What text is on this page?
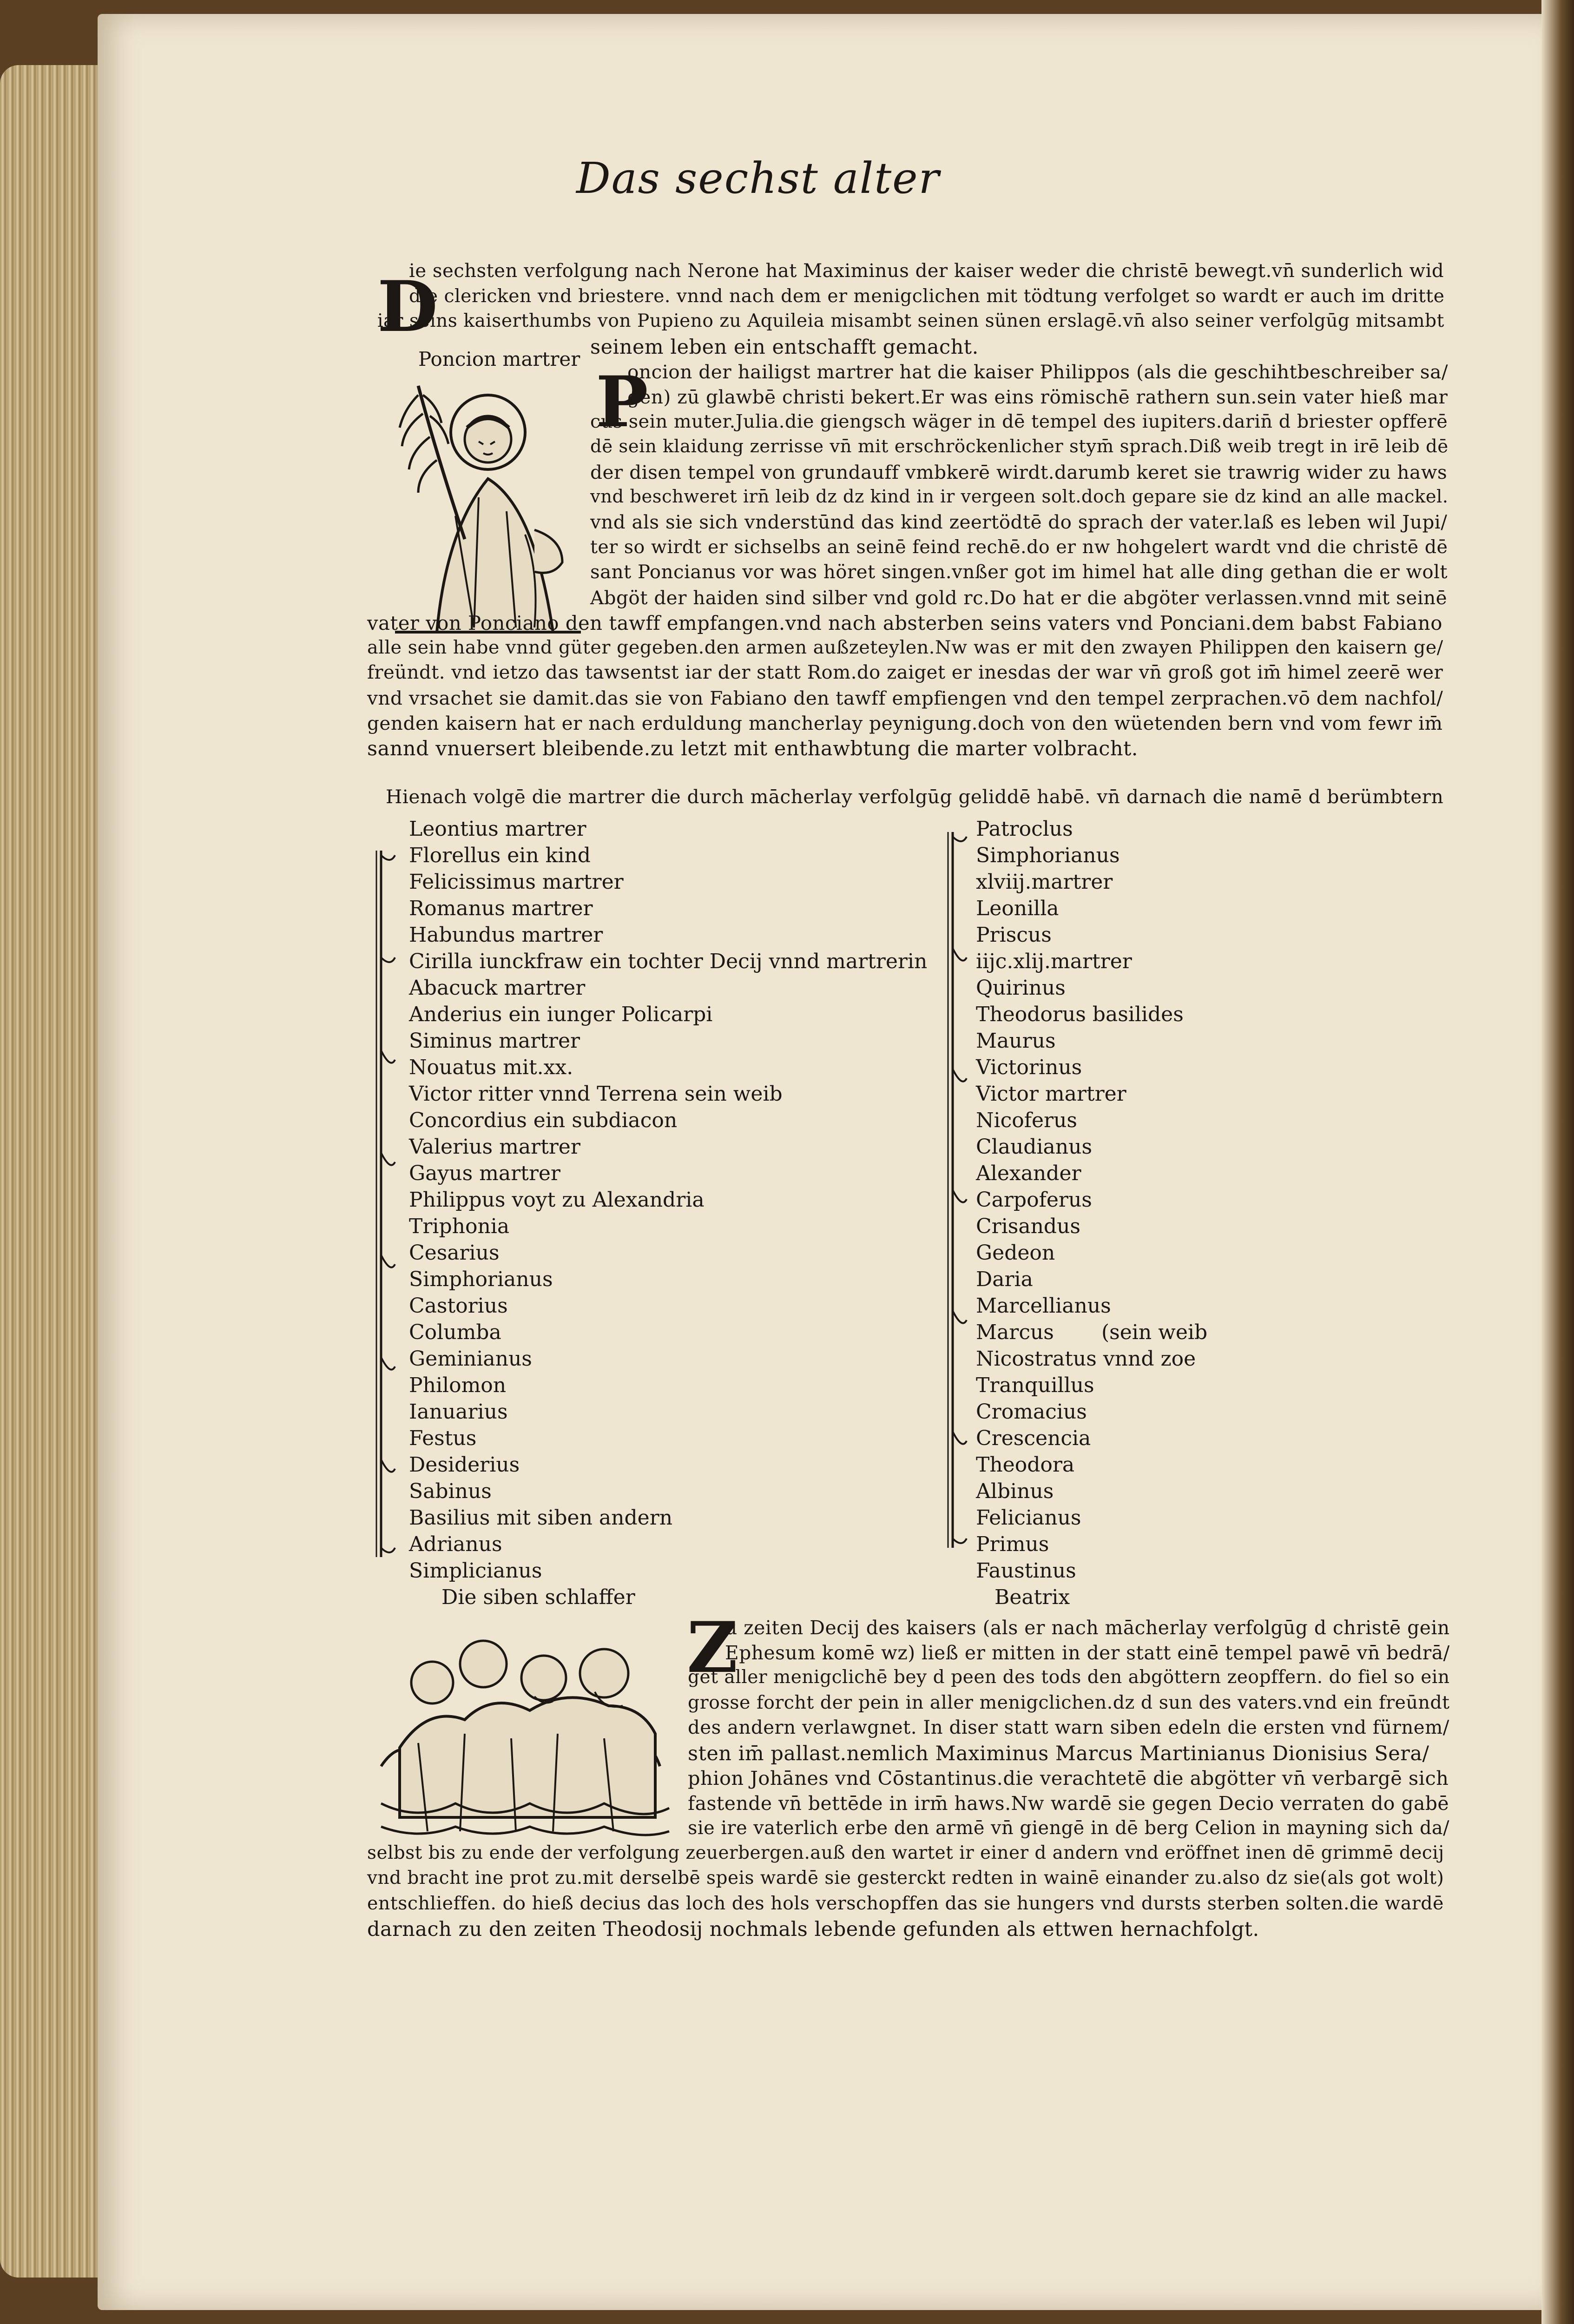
Das sechst alter
D
ie sechsten verfolgung nach Nerone hat Maximinus der kaiser weder die christē bewegt.vn̄ sunderlich wid
die clericken vnd briestere. vnnd nach dem er menigclichen mit tödtung verfolget so wardt er auch im dritte
iar seins kaiserthumbs von Pupieno zu Aquileia misambt seinen sünen erslagē.vn̄ also seiner verfolgūg mitsambt
seinem leben ein entschafft gemacht.
Poncion martrer
P
oncion der hailigst martrer hat die kaiser Philippos (als die geschihtbeschreiber sa/
gen) zū glawbē christi bekert.Er was eins römischē rathern sun.sein vater hieß mar
cus sein muter.Julia.die giengsch wäger in dē tempel des iupiters.darin̄ d briester opfferē
dē sein klaidung zerrisse vn̄ mit erschröckenlicher stym̄ sprach.Diß weib tregt in irē leib dē
der disen tempel von grundauff vmbkerē wirdt.darumb keret sie trawrig wider zu haws
vnd beschweret irn̄ leib dz dz kind in ir vergeen solt.doch gepare sie dz kind an alle mackel.
vnd als sie sich vnderstūnd das kind zeertödtē do sprach der vater.laß es leben wil Jupi/
ter so wirdt er sichselbs an seinē feind rechē.do er nw hohgelert wardt vnd die christē dē
sant Poncianus vor was höret singen.vnßer got im himel hat alle ding gethan die er wolt
Abgöt der haiden sind silber vnd gold rc.Do hat er die abgöter verlassen.vnnd mit seinē
vater von Ponciano den tawff empfangen.vnd nach absterben seins vaters vnd Ponciani.dem babst Fabiano
alle sein habe vnnd güter gegeben.den armen außzeteylen.Nw was er mit den zwayen Philippen den kaisern ge/
freündt. vnd ietzo das tawsentst iar der statt Rom.do zaiget er inesdas der war vn̄ groß got im̄ himel zeerē wer
vnd vrsachet sie damit.das sie von Fabiano den tawff empfiengen vnd den tempel zerprachen.vō dem nachfol/
genden kaisern hat er nach erduldung mancherlay peynigung.doch von den wüetenden bern vnd vom fewr im̄
sannd vnuersert bleibende.zu letzt mit enthawbtung die marter volbracht.
Hienach volgē die martrer die durch mācherlay verfolgūg geliddē habē. vn̄ darnach die namē d berümbtern
Leontius martrer
Florellus ein kind
Felicissimus martrer
Romanus martrer
Habundus martrer
Cirilla iunckfraw ein tochter Decij vnnd martrerin
Abacuck martrer
Anderius ein iunger Policarpi
Siminus martrer
Nouatus mit.xx.
Victor ritter vnnd Terrena sein weib
Concordius ein subdiacon
Valerius martrer
Gayus martrer
Philippus voyt zu Alexandria
Triphonia
Cesarius
Simphorianus
Castorius
Columba
Geminianus
Philomon
Ianuarius
Festus
Desiderius
Sabinus
Basilius mit siben andern
Adrianus
Simplicianus
Die siben schlaffer
Patroclus
Simphorianus
xlviij.martrer
Leonilla
Priscus
iijc.xlij.martrer
Quirinus
Theodorus basilides
Maurus
Victorinus
Victor martrer
Nicoferus
Claudianus
Alexander
Carpoferus
Crisandus
Gedeon
Daria
Marcellianus
Marcus (sein weib
Nicostratus vnnd zoe
Tranquillus
Cromacius
Crescencia
Theodora
Albinus
Felicianus
Primus
Faustinus
Beatrix
Z
u zeiten Decij des kaisers (als er nach mācherlay verfolgūg d christē gein
Ephesum komē wz) ließ er mitten in der statt einē tempel pawē vn̄ bedrā/
get aller menigclichē bey d peen des tods den abgöttern zeopffern. do fiel so ein
grosse forcht der pein in aller menigclichen.dz d sun des vaters.vnd ein freūndt
des andern verlawgnet. In diser statt warn siben edeln die ersten vnd fürnem/
sten im̄ pallast.nemlich Maximinus Marcus Martinianus Dionisius Sera/
phion Johānes vnd Cōstantinus.die verachtetē die abgötter vn̄ verbargē sich
fastende vn̄ bettēde in irm̄ haws.Nw wardē sie gegen Decio verraten do gabē
sie ire vaterlich erbe den armē vn̄ giengē in dē berg Celion in mayning sich da/
selbst bis zu ende der verfolgung zeuerbergen.auß den wartet ir einer d andern vnd eröffnet inen dē grimmē decij
vnd bracht ine prot zu.mit derselbē speis wardē sie gesterckt redten in wainē einander zu.also dz sie(als got wolt)
entschlieffen. do hieß decius das loch des hols verschopffen das sie hungers vnd dursts sterben solten.die wardē
darnach zu den zeiten Theodosij nochmals lebende gefunden als ettwen hernachfolgt.
